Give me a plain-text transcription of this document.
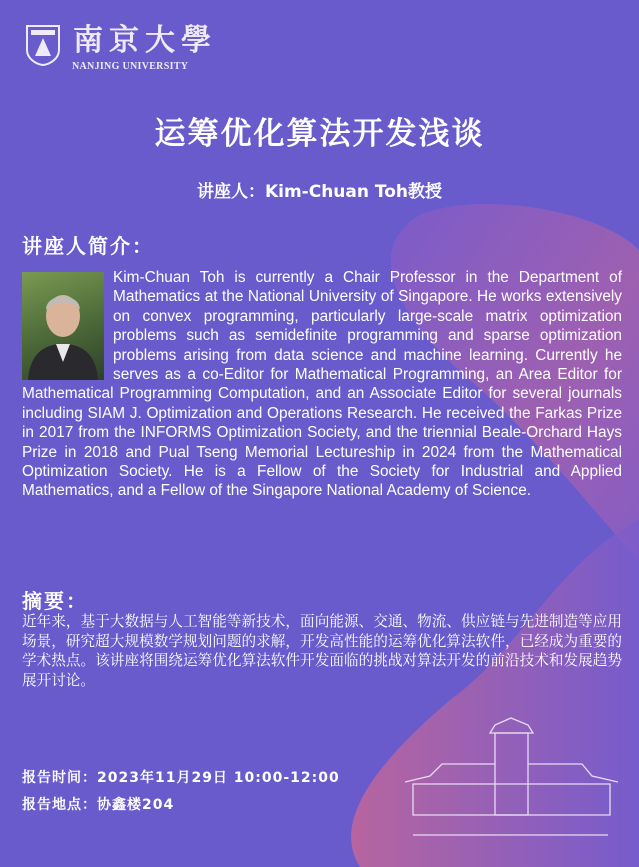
南京大學
NANJING UNIVERSITY
运筹优化算法开发浅谈
讲座人：Kim-Chuan Toh教授
讲座人简介：
Kim-Chuan Toh is currently a Chair Professor in the Department of Mathematics at the National University of Singapore. He works extensively on convex programming, particularly large-scale matrix optimization problems such as semidefinite programming and sparse optimization problems arising from data science and machine learning. Currently he serves as a co-Editor for Mathematical Programming, an Area Editor for Mathematical Programming Computation, and an Associate Editor for several journals including SIAM J. Optimization and Operations Research. He received the Farkas Prize in 2017 from the INFORMS Optimization Society, and the triennial Beale-Orchard Hays Prize in 2018 and Pual Tseng Memorial Lectureship in 2024 from the Mathematical Optimization Society. He is a Fellow of the Society for Industrial and Applied Mathematics, and a Fellow of the Singapore National Academy of Science.
摘要：
近年来，基于大数据与人工智能等新技术，面向能源、交通、物流、供应链与先进制造等应用场景，研究超大规模数学规划问题的求解，开发高性能的运筹优化算法软件，已经成为重要的学术热点。该讲座将围绕运筹优化算法软件开发面临的挑战对算法开发的前沿技术和发展趋势展开讨论。
报告时间：2023年11月29日 10:00-12:00
报告地点：协鑫楼204
